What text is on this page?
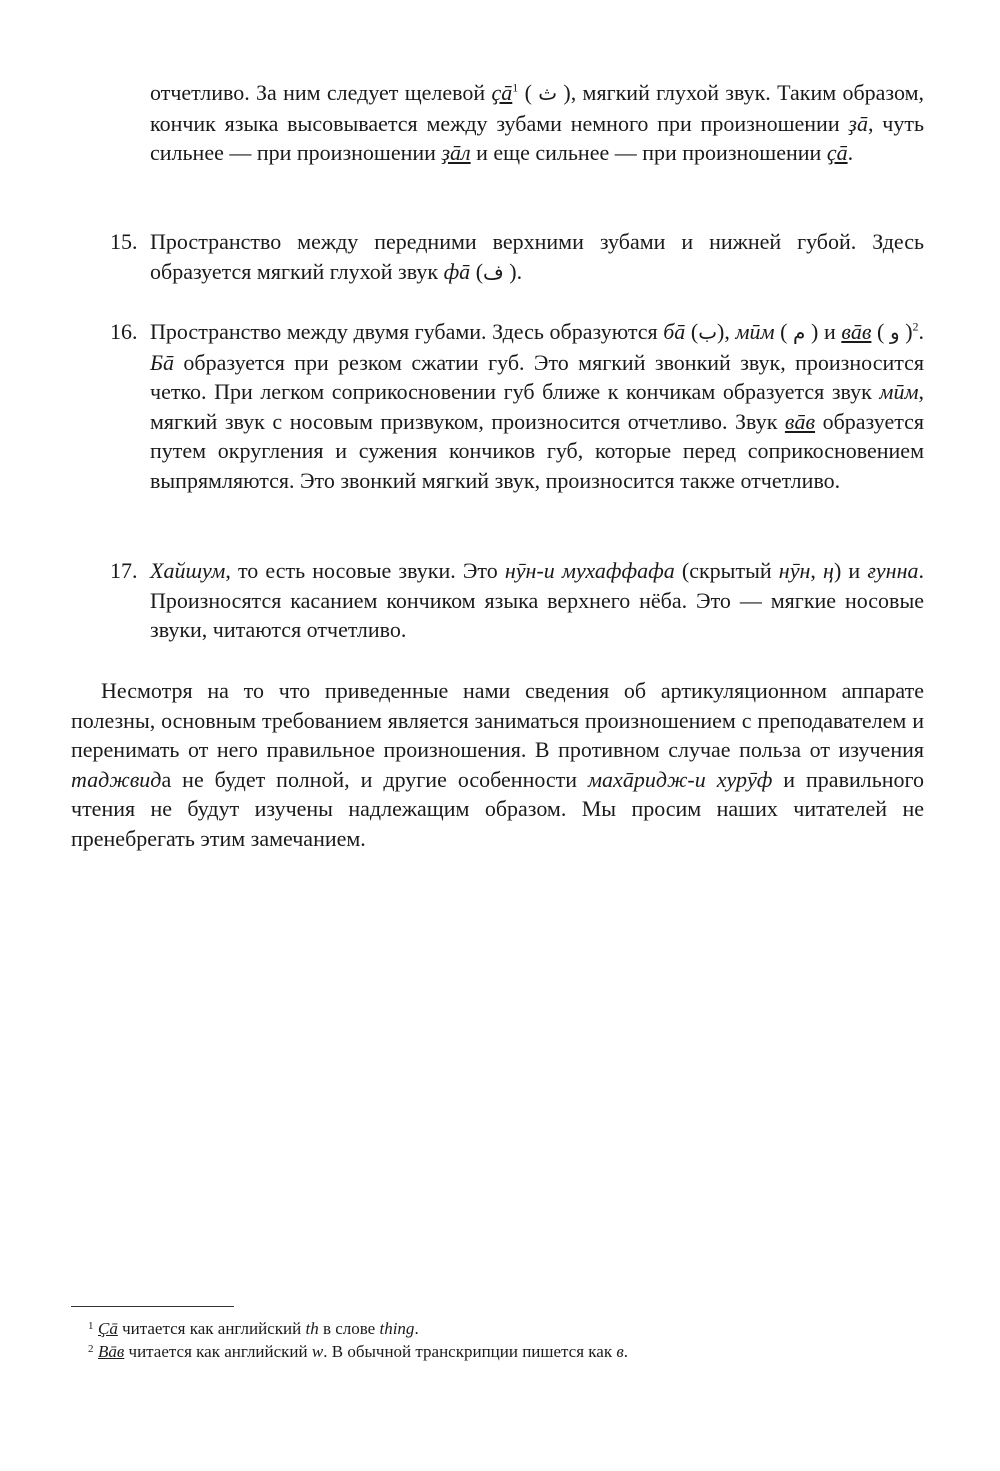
отчетливо. За ним следует щелевой $ҫā^1$ ( ث ), мягкий глухой звук. Таким образом, кончик языка высовывается между зубами немного при произношении ҙā, чуть сильнее — при произношении ҙāл и еще сильнее — при произношении ҫā.

15. Пространство между передними верхними зубами и нижней губой. Здесь образуется мягкий глухой звук фā (ف ).
16. Пространство между двумя губами. Здесь образуются бā (ب), мӣм ( م ) и вāв ( و )$^2$. Бā образуется при резком сжатии губ. Это мягкий звонкий звук, произносится четко. При легком соприкосновении губ ближе к кончикам образуется звук мӣм, мягкий звук с носовым призвуком, произносится отчетливо. Звук вāв образуется путем округления и сужения кончиков губ, которые перед соприкосновением выпрямляются. Это звонкий мягкий звук, произносится также отчетливо.
17. Хайшум, то есть носовые звуки. Это нӯн-и мухаффафа (скрытый нӯн, ң) и ғунна. Произносятся касанием кончиком языка верхнего нёба. Это — мягкие носовые звуки, читаются отчетливо.

Несмотря на то что приведенные нами сведения об артикуляционном аппарате полезны, основным требованием является заниматься произношением с преподавателем и перенимать от него правильное произношения. В противном случае польза от изучения таджвида не будет полной, и другие особенности махāридж-и хурӯф и правильного чтения не будут изучены надлежащим образом. Мы просим наших читателей не пренебрегать этим замечанием.

1 Ҫā читается как английский th в слове thing.
2 Вāв читается как английский w. В обычной транскрипции пишется как в.
